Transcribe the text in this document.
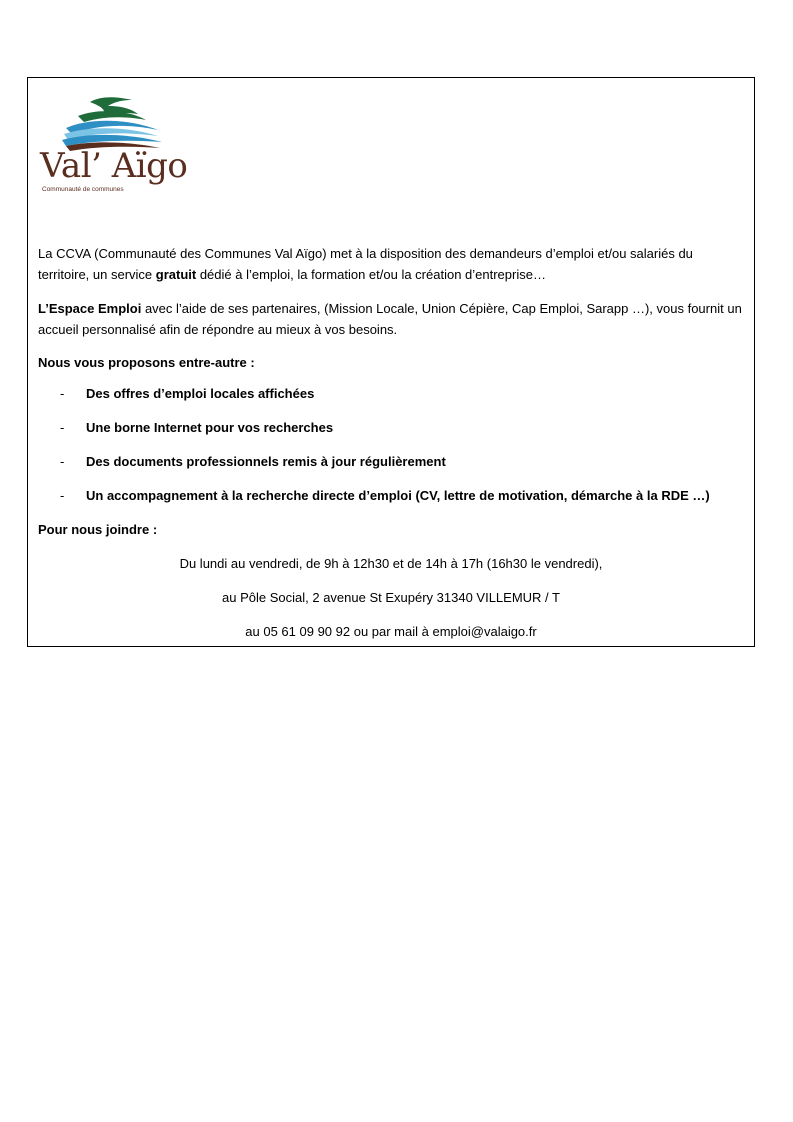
Val’ Aïgo
Communauté de communes

La CCVA (Communauté des Communes Val Aïgo) met à la disposition des demandeurs d’emploi et/ou salariés du territoire, un service gratuit dédié à l’emploi, la formation et/ou la création d’entreprise…

L’Espace Emploi avec l’aide de ses partenaires, (Mission Locale, Union Cépière, Cap Emploi, Sarapp …), vous fournit un accueil personnalisé afin de répondre au mieux à vos besoins.

Nous vous proposons entre-autre :

- Des offres d’emploi locales affichées
- Une borne Internet pour vos recherches
- Des documents professionnels remis à jour régulièrement
- Un accompagnement à la recherche directe d’emploi (CV, lettre de motivation, démarche à la RDE …)
Pour nous joindre :
Du lundi au vendredi, de 9h à 12h30 et de 14h à 17h (16h30 le vendredi),
au Pôle Social, 2 avenue St Exupéry 31340 VILLEMUR / T
au 05 61 09 90 92 ou par mail à emploi@valaigo.fr
